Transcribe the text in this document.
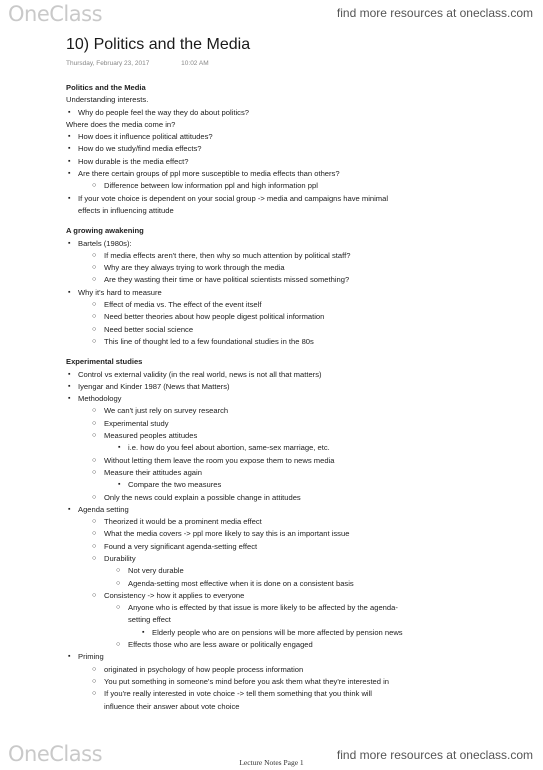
OneClass	find more resources at oneclass.com
10) Politics and the Media
Thursday, February 23, 2017	10:02 AM
Politics and the Media
Understanding interests.
▪ Why do people feel the way they do about politics?
Where does the media come in?
▪ How does it influence political attitudes?
▪ How do we study/find media effects?
▪ How durable is the media effect?
▪ Are there certain groups of ppl more susceptible to media effects than others?
○ Difference between low information ppl and high information ppl
▪ If your vote choice is dependent on your social group -> media and campaigns have minimal
effects in influencing attitude
A growing awakening
▪ Bartels (1980s):
○ If media effects aren't there, then why so much attention by political staff?
○ Why are they always trying to work through the media
○ Are they wasting their time or have political scientists missed something?
▪ Why it's hard to measure
○ Effect of media vs. The effect of the event itself
○ Need better theories about how people digest political information
○ Need better social science
○ This line of thought led to a few foundational studies in the 80s
Experimental studies
▪ Control vs external validity (in the real world, news is not all that matters)
▪ Iyengar and Kinder 1987 (News that Matters)
▪ Methodology
○ We can't just rely on survey research
○ Experimental study
○ Measured peoples attitudes
▪ i.e. how do you feel about abortion, same-sex marriage, etc.
○ Without letting them leave the room you expose them to news media
○ Measure their attitudes again
▪ Compare the two measures
○ Only the news could explain a possible change in attitudes
▪ Agenda setting
○ Theorized it would be a prominent media effect
○ What the media covers -> ppl more likely to say this is an important issue
○ Found a very significant agenda-setting effect
○ Durability
○ Not very durable
○ Agenda-setting most effective when it is done on a consistent basis
○ Consistency -> how it applies to everyone
○ Anyone who is effected by that issue is more likely to be affected by the agenda-
setting effect
▪ Elderly people who are on pensions will be more affected by pension news
○ Effects those who are less aware or politically engaged
▪ Priming
○ originated in psychology of how people process information
○ You put something in someone's mind before you ask them what they're interested in
○ If you're really interested in vote choice -> tell them something that you think will
influence their answer about vote choice
OneClass	find more resources at oneclass.com
Lecture Notes Page 1
